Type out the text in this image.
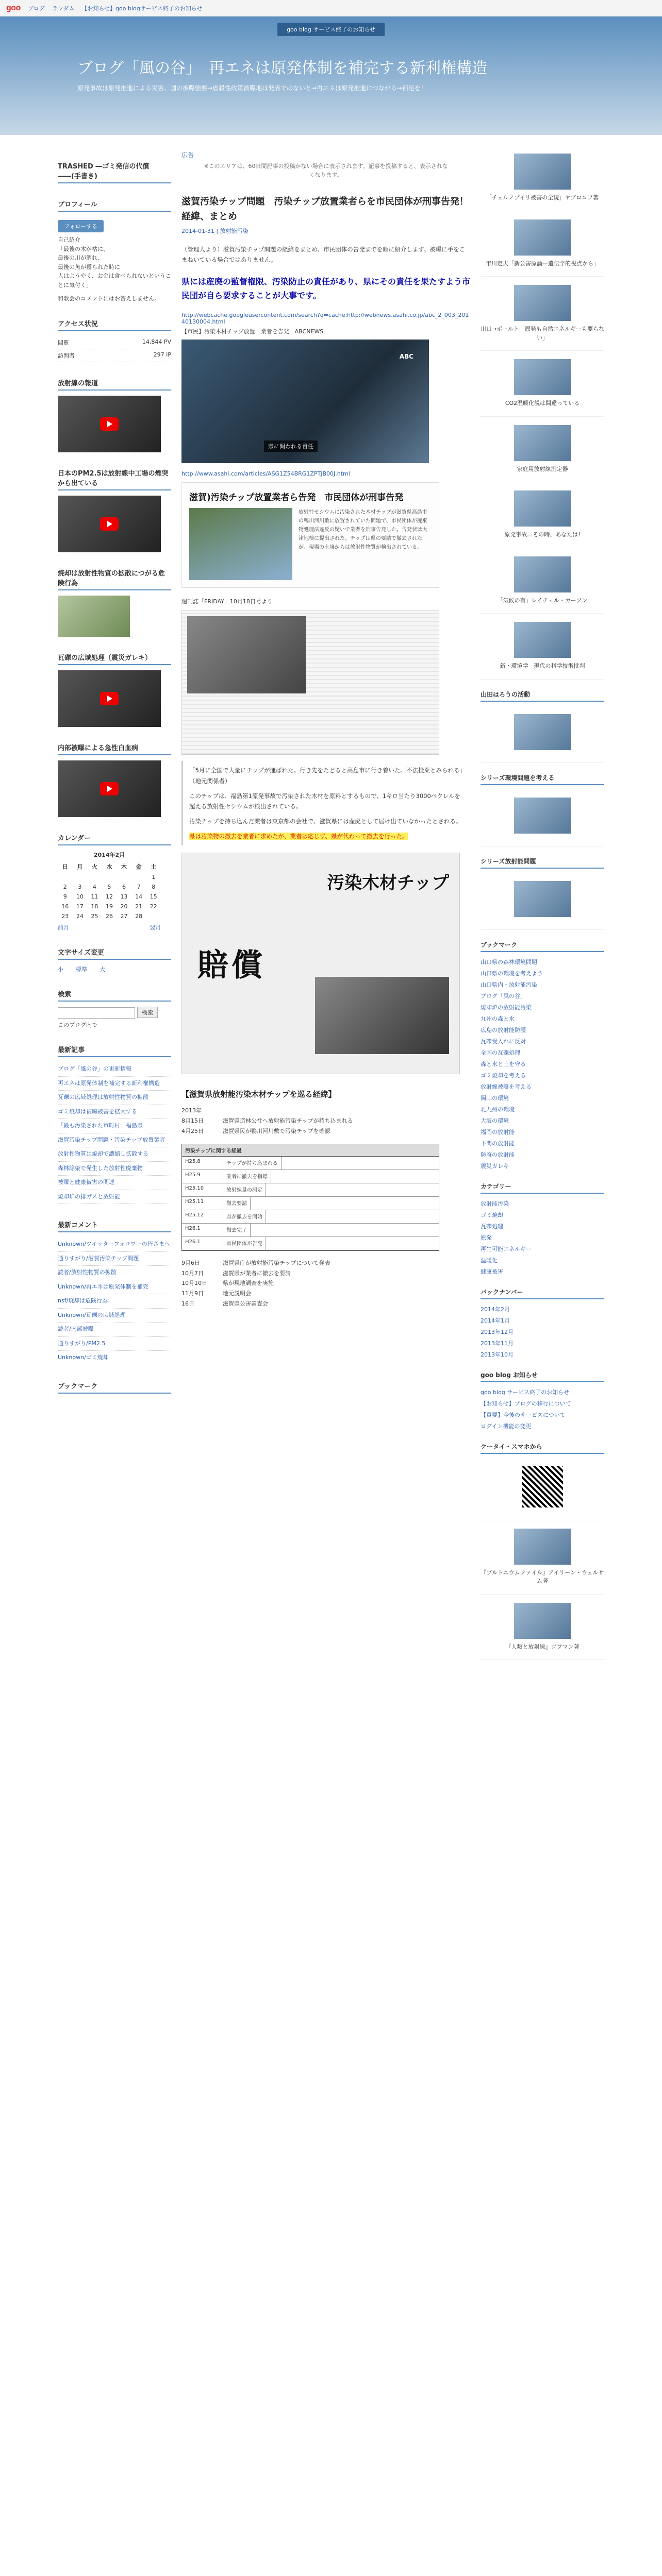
goo ブログ ランダム 【お知らせ】goo blogサービス終了のお知らせ
goo blog サービス終了のお知らせ
ブログ「風の谷」　再エネは原発体制を補完する新利権構造
原発事故は原発推進による災害、国の被曝強要→虐殺性政策被曝地は発表ではないと→再エネは原発推進につながる→補足を！
TRASHED ―ゴミ発信の代償――(手書き)
プロフィール
フォローする

自己紹介

「最後の木が枯に、

最後の川が涸れ、

最後の魚が獲られた時に

人はようやく、お金は食べられないということに気付く」

和歌会のコメントにはお答えしません。

アクセス状況
閲覧	14,844 PV
訪問者	297 IP
放射線の報道
日本のPM2.5は放射線中工場の煙突から出ている
焼却は放射性物質の拡散につがる危険行為
瓦礫の広域処理（震災ガレキ）
内部被曝による急性白血病
カレンダー
2014年2月
日	月	火	水	木	金	土
						1
2	3	4	5	6	7	8
9	10	11	12	13	14	15
16	17	18	19	20	21	22
23	24	25	26	27	28	
前月	翌月
文字サイズ変更
小 標準 大
検索
検索
このブログ内で
最新記事
ブログ「風の谷」の更新情報
再エネは原発体制を補完する新利権構造
瓦礫の広域処理は放射性物質の拡散
ゴミ焼却は被曝被害を拡大する
「最も汚染された市町村」福島県
滋賀汚染チップ問題・汚染チップ放置業者
放射性物質は焼却で濃縮し拡散する
森林除染で発生した放射性廃棄物
被曝と健康被害の関連
焼却炉の排ガスと放射能
最新コメント
Unknown/ツイッターフォロワーの皆さまへ
通りすがり/滋賀汚染チップ問題
読者/放射性物質の拡散
Unknown/再エネは原発体制を補完
nsf/焼却は危険行為
Unknown/瓦礫の広域処理
読者/内部被曝
通りすがり/PM2.5
Unknown/ゴミ焼却
ブックマーク
広告
※このエリアは、60日間記事の投稿がない場合に表示されます。記事を投稿すると、表示されなくなります。
滋賀汚染チップ問題　汚染チップ放置業者らを市民団体が刑事告発！経緯、まとめ
2014-01-31 | 放射能汚染

（管理人より）滋賀汚染チップ問題の経緯をまとめ、市民団体の告発までを順に紹介します。被曝に手をこまねいている場合ではありません。

県には産廃の監督権限、汚染防止の責任があり、県にその責任を果たすよう市民団が自ら要求することが大事です。

http://webcache.googleusercontent.com/search?q=cache:http://webnews.asahi.co.jp/abc_2_003_20140130004.html
【市民】汚染木材チップ放置　業者を告発　ABCNEWS
ABC
県に問われる責任
http://www.asahi.com/articles/ASG1Z54BRG1ZPTJB00J.html
滋賀)汚染チップ放置業者ら告発　市民団体が刑事告発
放射性セシウムに汚染された木材チップが滋賀県高島市の鴨川河川敷に放置されていた問題で、市民団体が廃棄物処理法違反の疑いで業者を刑事告発した。告発状は大津地検に提出された。チップは県の要請で撤去されたが、現場の土壌からは放射性物質が検出されている。
週刊誌「FRIDAY」10月18日号より

「5月に全国で大量にチップが運ばれた。行き先をたどると高島市に行き着いた。不法投棄とみられる」（地元関係者）

このチップは、福島第1原発事故で汚染された木材を原料とするもので、1キロ当たり3000ベクレルを超える放射性セシウムが検出されている。

汚染チップを持ち込んだ業者は東京都の会社で、滋賀県には産廃として届け出ていなかったとされる。

県は汚染物の撤去を業者に求めたが、業者は応じず、県が代わって撤去を行った。

汚染木材チップ
賠償
【滋賀県放射能汚染木材チップを巡る経緯】
2013年
8月15日	滋賀県造林公社へ放射能汚染チップが持ち込まれる
4月25日	滋賀県民が鴨川河川敷で汚染チップを確認
汚染チップに関する経過
H25.8	チップが持ち込まれる
H25.9	業者に撤去を指導
H25.10	放射線量の測定
H25.11	撤去要請
H25.12	県が撤去を開始
H26.1	撤去完了
H26.1	市民団体が告発
9月6日	滋賀県庁が放射能汚染チップについて発表
10月7日	滋賀県が業者に撤去を要請
10月10日	県が現地調査を実施
11月9日	地元説明会
16日	滋賀県公害審査会
「チェルノブイリ被害の全貌」ヤブロコフ著
市川定夫「新公害原論―遺伝学的視点から」
川口→ボールト「原発も自然エネルギーも要らない」
CO2温暖化説は間違っている
家庭用放射線測定器
原発事故…その時、あなたは!
「気候の有」レイチェル・カーソン
新・環境学　現代の科学技術批判
山田はろうの活動
シリーズ環境問題を考える
シリーズ放射能問題
ブックマーク
山口県の森林環境問題
山口県の環境を考えよう
山口県内・放射能汚染
ブログ「風の谷」
焼却炉の放射能汚染
九州の森と水
広島の放射能防護
瓦礫受入れに反対
全国の瓦礫処理
森と水と土を守る
ゴミ焼却を考える
放射線被曝を考える
岡山の環境
北九州の環境
大阪の環境
福岡の放射能
下関の放射能
防府の放射能
震災ガレキ
カテゴリー
放射能汚染
ゴミ焼却
瓦礫処理
原発
再生可能エネルギー
温暖化
健康被害
バックナンバー
2014年2月
2014年1月
2013年12月
2013年11月
2013年10月
goo blog お知らせ
goo blog サービス終了のお知らせ
【お知らせ】ブログの移行について
【重要】今後のサービスについて
ログイン機能の変更
ケータイ・スマホから
『プルトニウムファイル』アイリーン・ウェルサム著
『人類と放射線』ゴフマン著
